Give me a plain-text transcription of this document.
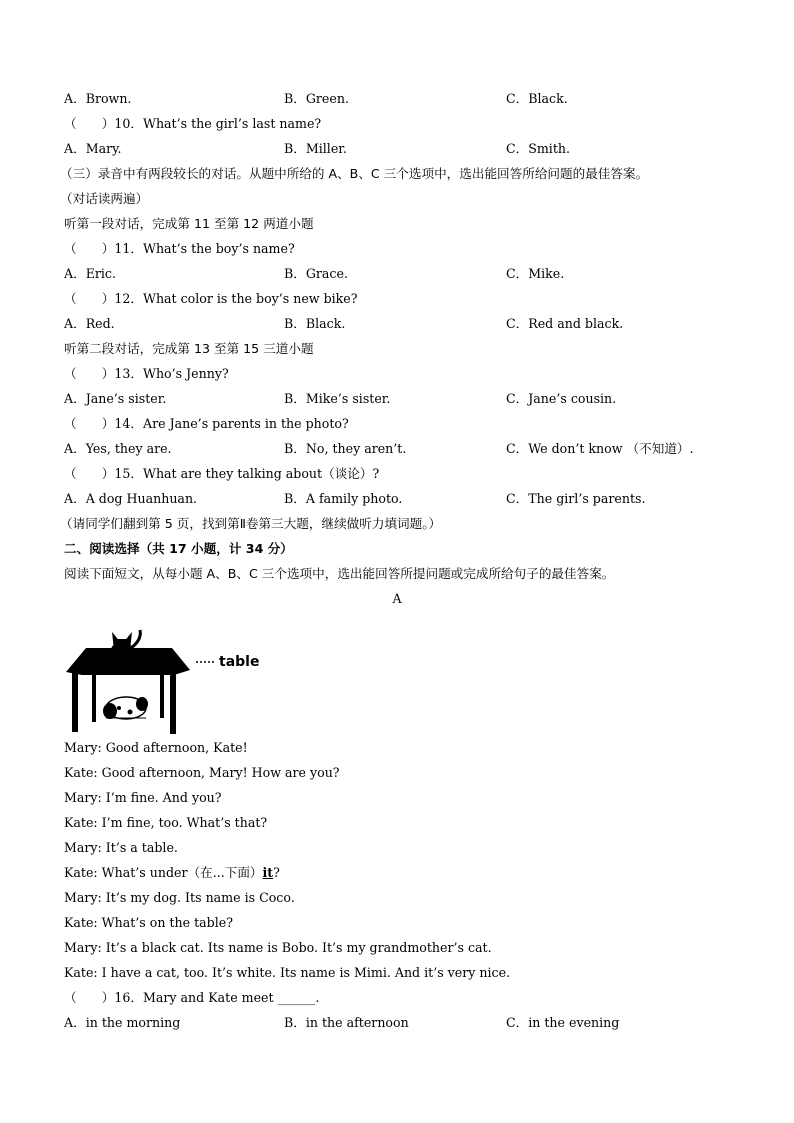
A．Brown.	B．Green.	C．Black.
（　　）10．What’s the girl’s last name?
A．Mary.	B．Miller.	C．Smith.
（三）录音中有两段较长的对话。从题中所给的 A、B、C 三个选项中，选出能回答所给问题的最佳答案。
（对话读两遍）
听第一段对话，完成第 11 至第 12 两道小题
（　　）11．What’s the boy’s name?
A．Eric.	B．Grace.	C．Mike.
（　　）12．What color is the boy’s new bike?
A．Red.	B．Black.	C．Red and black.
听第二段对话，完成第 13 至第 15 三道小题
（　　）13．Who’s Jenny?
A．Jane’s sister.	B．Mike’s sister.	C．Jane’s cousin.
（　　）14．Are Jane’s parents in the photo?
A．Yes, they are.	B．No, they aren’t.	C．We don’t know （不知道）.
（　　）15．What are they talking about（谈论）?
A．A dog Huanhuan.	B．A family photo.	C．The girl’s parents.
（请同学们翻到第 5 页，找到第Ⅱ卷第三大题，继续做听力填词题。）
二、阅读选择（共 17 小题，计 34 分）
阅读下面短文，从每小题 A、B、C 三个选项中，选出能回答所提问题或完成所给句子的最佳答案。
A
table
Mary: Good afternoon, Kate!
Kate: Good afternoon, Mary! How are you?
Mary: I’m fine. And you?
Kate: I’m fine, too. What’s that?
Mary: It’s a table.
Kate: What’s under（在...下面）it?
Mary: It’s my dog. Its name is Coco.
Kate: What’s on the table?
Mary: It’s a black cat. Its name is Bobo. It’s my grandmother’s cat.
Kate: I have a cat, too. It’s white. Its name is Mimi. And it’s very nice.
（　　）16．Mary and Kate meet ______.
A．in the morning	B．in the afternoon	C．in the evening
